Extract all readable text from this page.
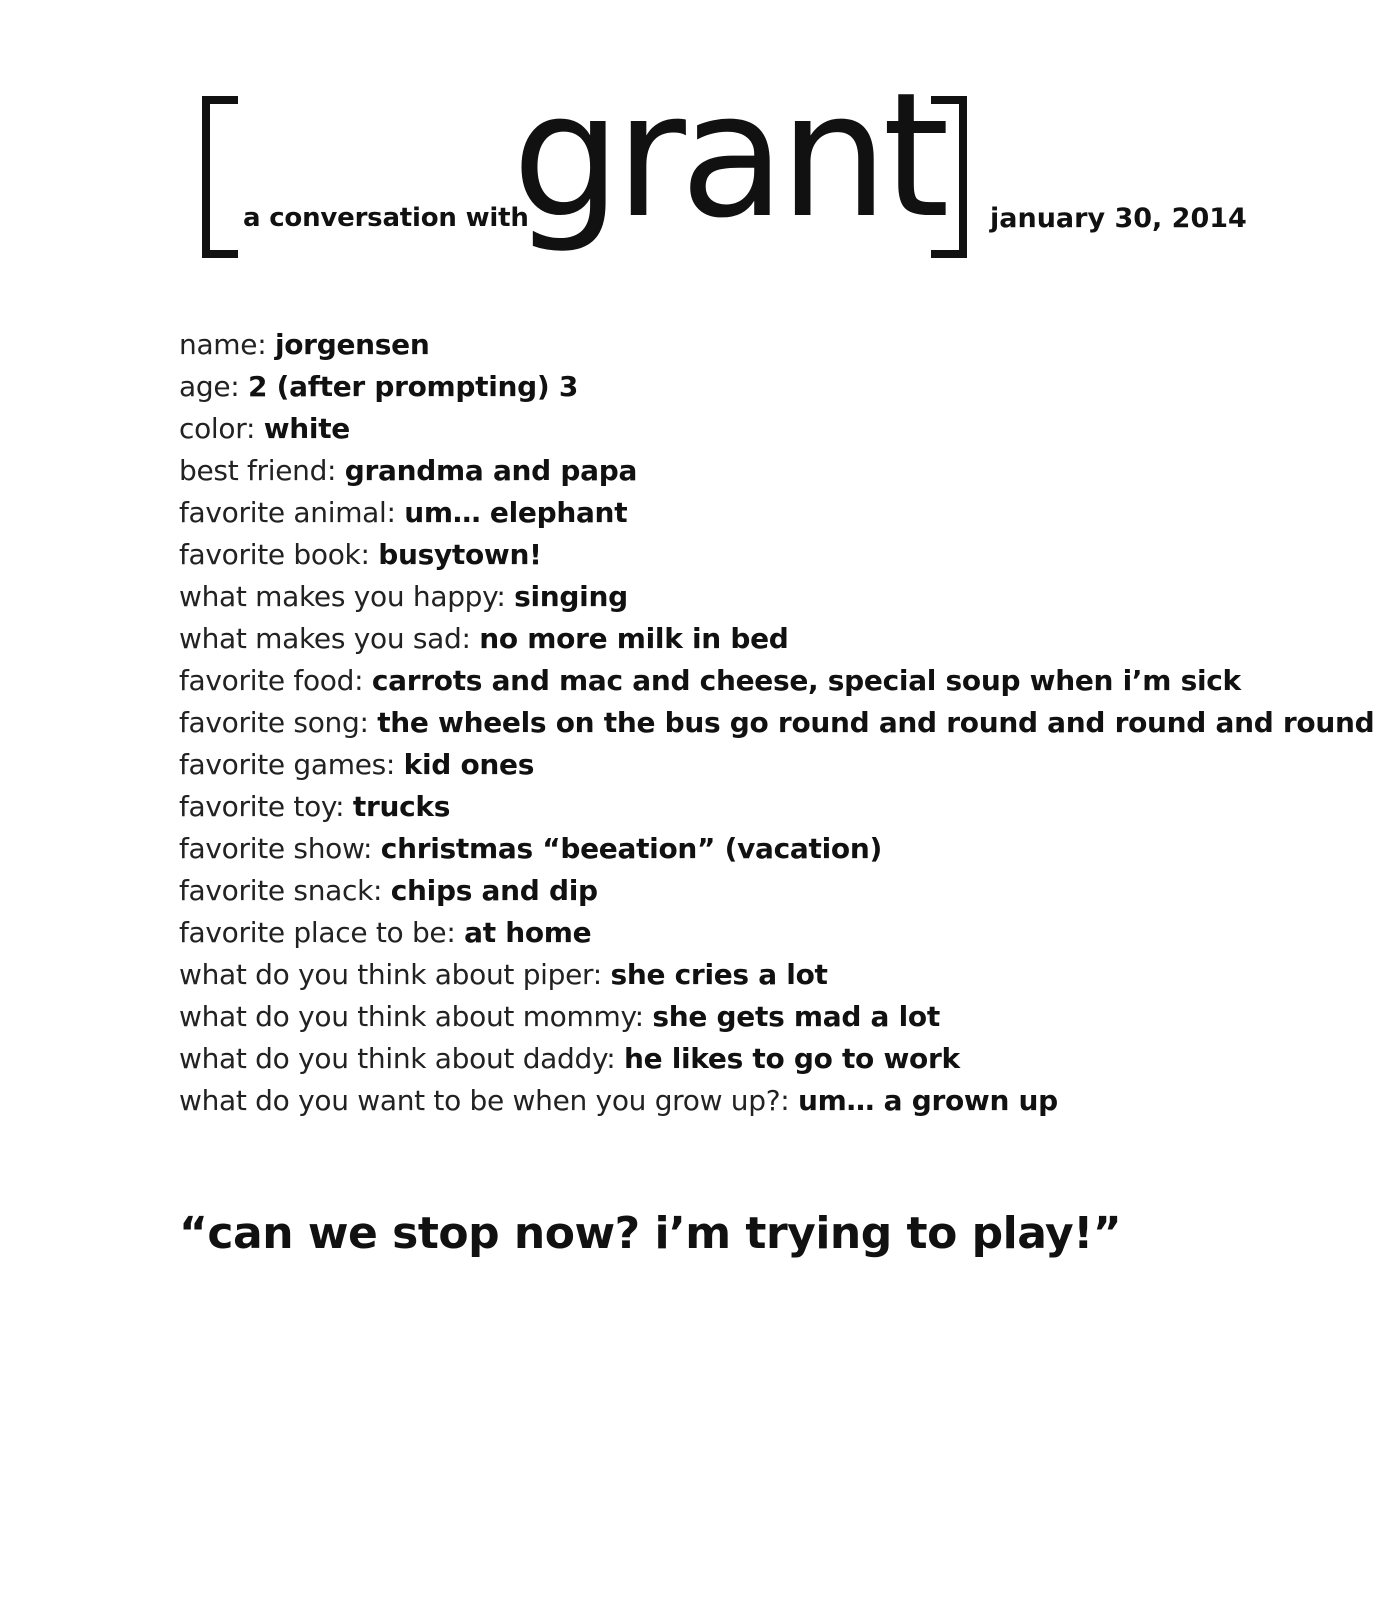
a conversation with
grant january 30, 2014
name: jorgensen
age: 2 (after prompting) 3
color: white
best friend: grandma and papa
favorite animal: um… elephant
favorite book: busytown!
what makes you happy: singing
what makes you sad: no more milk in bed
favorite food: carrots and mac and cheese, special soup when i’m sick
favorite song: the wheels on the bus go round and round and round and round
favorite games: kid ones
favorite toy: trucks
favorite show: christmas “beeation” (vacation)
favorite snack: chips and dip
favorite place to be: at home
what do you think about piper: she cries a lot
what do you think about mommy: she gets mad a lot
what do you think about daddy: he likes to go to work
what do you want to be when you grow up?: um… a grown up
“can we stop now? i’m trying to play!”
